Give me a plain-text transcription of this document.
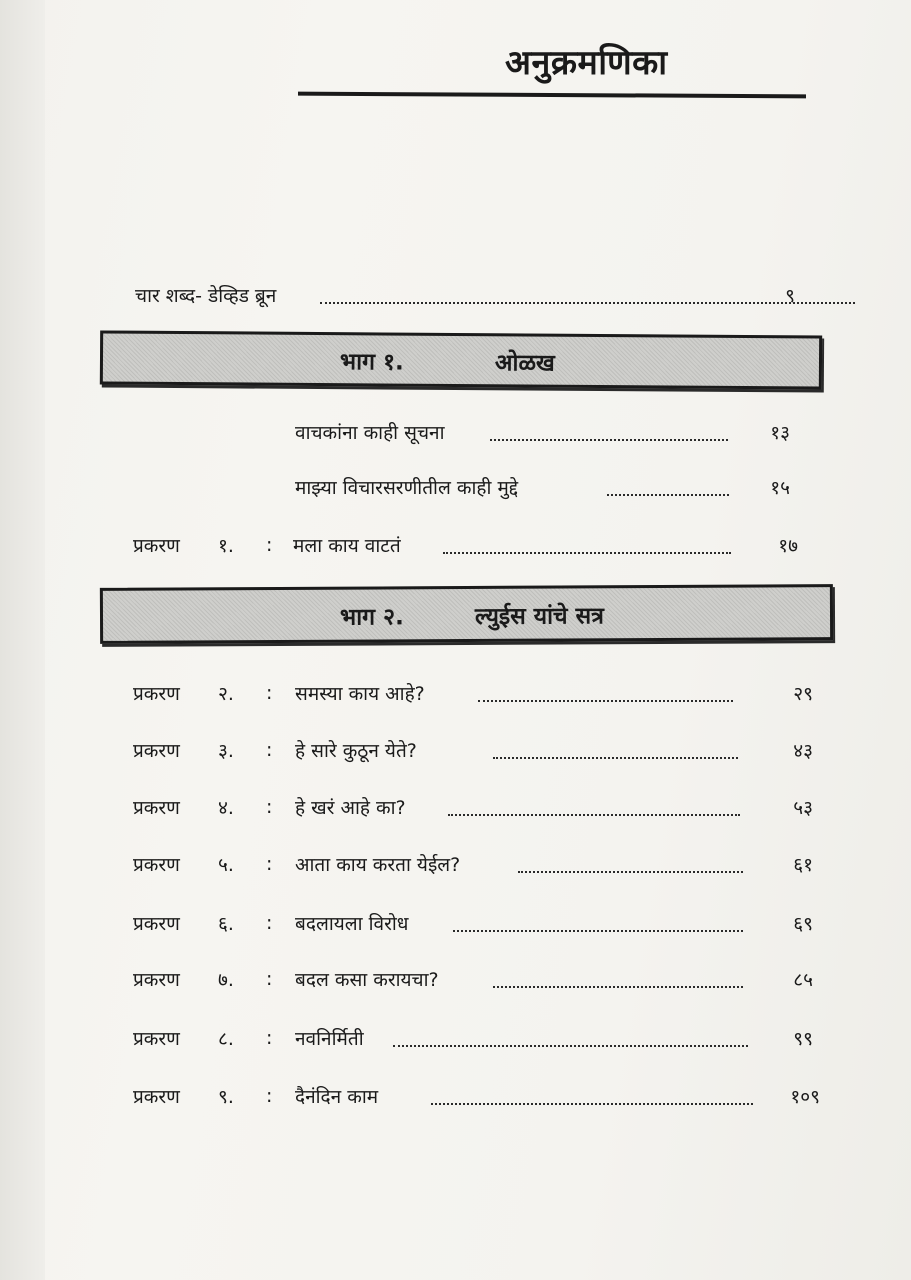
अनुक्रमणिका
चार शब्द- डेव्हिड ब्रून	९
भाग १.	ओळख
वाचकांना काही सूचना	१३
माझ्या विचारसरणीतील काही मुद्दे	१५
प्रकरण १. : मला काय वाटतं	१७
भाग २.	ल्युईस यांचे सत्र
प्रकरण २. : समस्या काय आहे?	२९
प्रकरण ३. : हे सारे कुठून येते?	४३
प्रकरण ४. : हे खरं आहे का?	५३
प्रकरण ५. : आता काय करता येईल?	६१
प्रकरण ६. : बदलायला विरोध	६९
प्रकरण ७. : बदल कसा करायचा?	८५
प्रकरण ८. : नवनिर्मिती	९९
प्रकरण ९. : दैनंदिन काम	१०९
